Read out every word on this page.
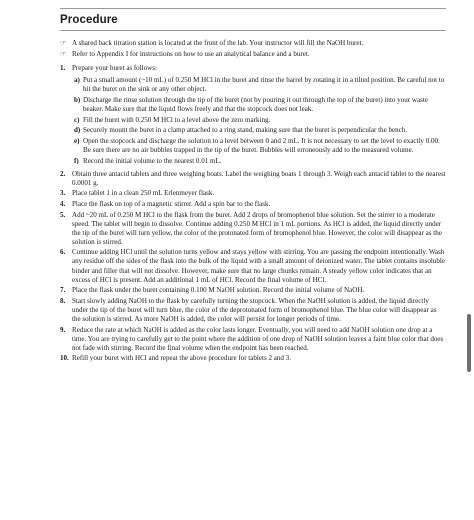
Procedure
☞ A shared back titration station is located at the front of the lab. Your instructor will fill the NaOH buret.
☞ Refer to Appendix I for instructions on how to use an analytical balance and a buret.
1. Prepare your buret as follows:
a) Put a small amount (~10 mL) of 0.250 M HCl in the buret and rinse the barrel by rotating it in a tilted position. Be careful not to hit the buret on the sink or any other object.
b) Discharge the rinse solution through the tip of the buret (not by pouring it out through the top of the buret) into your waste beaker. Make sure that the liquid flows freely and that the stopcock does not leak.
c) Fill the buret with 0.250 M HCl to a level above the zero marking.
d) Securely mount the buret in a clamp attached to a ring stand, making sure that the buret is perpendicular the bench.
e) Open the stopcock and discharge the solution to a level between 0 and 2 mL. It is not necessary to set the level to exactly 0.00. Be sure there are no air bubbles trapped in the tip of the buret. Bubbles will erroneously add to the measured volume.
f) Record the initial volume to the nearest 0.01 mL.
2. Obtain three antacid tablets and three weighing boats. Label the weighing boats 1 through 3. Weigh each antacid tablet to the nearest 0.0001 g.
3. Place tablet 1 in a clean 250 mL Erlenmeyer flask.
4. Place the flask on top of a magnetic stirrer. Add a spin bar to the flask.
5. Add ~20 mL of 0.250 M HCl to the flask from the buret. Add 2 drops of bromophenol blue solution. Set the stirrer to a moderate speed. The tablet will begin to dissolve. Continue adding 0.250 M HCl in 1 mL portions. As HCl is added, the liquid directly under the tip of the buret will turn yellow, the color of the protonated form of bromophenol blue. However, the color will disappear as the solution is stirred.
6. Continue adding HCl until the solution turns yellow and stays yellow with stirring. You are passing the endpoint intentionally. Wash any residue off the sides of the flask into the bulk of the liquid with a small amount of deionized water. The tablet contains insoluble binder and filler that will not dissolve. However, make sure that no large chunks remain. A steady yellow color indicates that an excess of HCl is present. Add an additional 1 mL of HCl. Record the final volume of HCl.
7. Place the flask under the buret containing 0.100 M NaOH solution. Record the initial volume of NaOH.
8. Start slowly adding NaOH to the flask by carefully turning the stopcock. When the NaOH solution is added, the liquid directly under the tip of the buret will turn blue, the color of the deprotonated form of bromophenol blue. The blue color will disappear as the solution is stirred. As more NaOH is added, the color will persist for longer periods of time.
9. Reduce the rate at which NaOH is added as the color lasts longer. Eventually, you will need to add NaOH solution one drop at a time. You are trying to carefully get to the point where the addition of one drop of NaOH solution leaves a faint blue color that does not fade with stirring. Record the final volume when the endpoint has been reached.
10. Refill your buret with HCl and repeat the above procedure for tablets 2 and 3.
